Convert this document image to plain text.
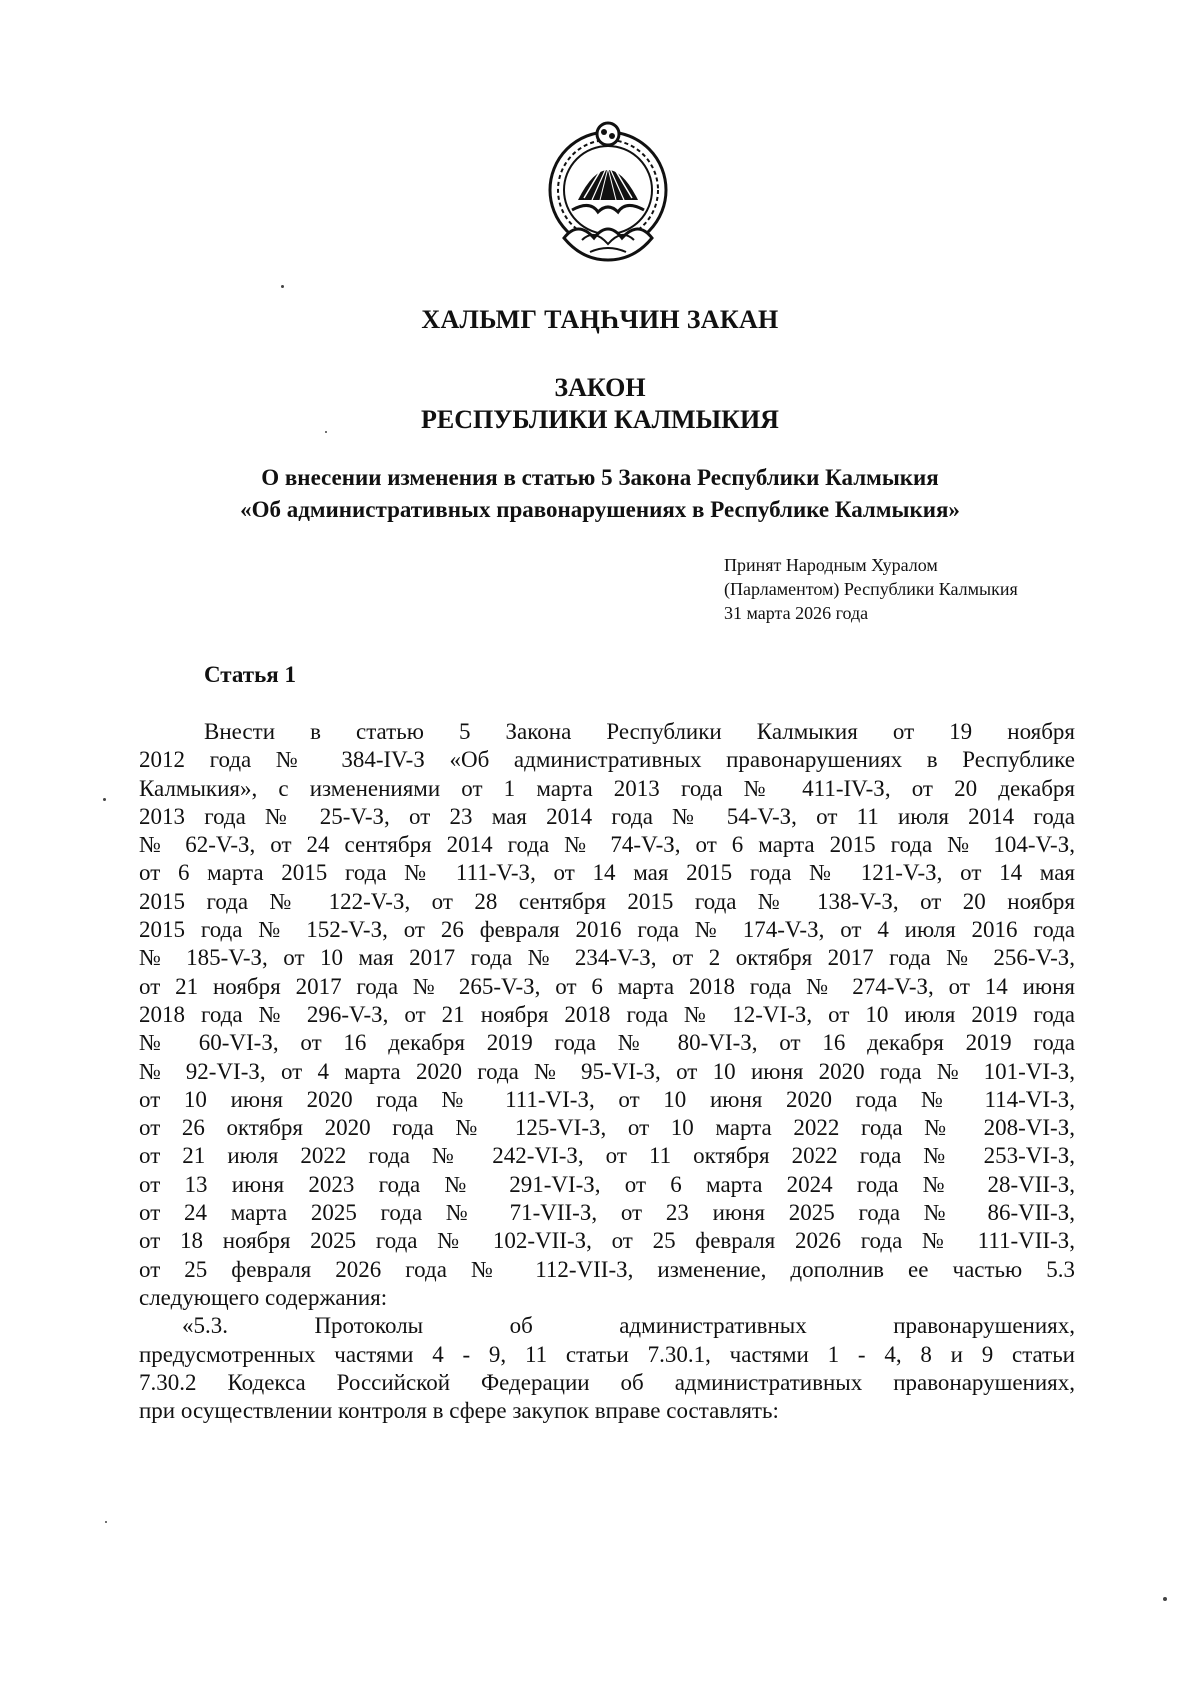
ХАЛЬМГ ТАҢҺЧИН ЗАКАН
ЗАКОН
РЕСПУБЛИКИ КАЛМЫКИЯ
О внесении изменения в статью 5 Закона Республики Калмыкия
«Об административных правонарушениях в Республике Калмыкия»
Принят Народным Хуралом
(Парламентом) Республики Калмыкия
31 марта 2026 года
Статья 1
Внести в статью 5 Закона Республики Калмыкия от 19 ноября
2012 года № 384-IV-З «Об административных правонарушениях в Республике
Калмыкия», с изменениями от 1 марта 2013 года № 411-IV-З, от 20 декабря
2013 года № 25-V-З, от 23 мая 2014 года № 54-V-З, от 11 июля 2014 года
№ 62-V-З, от 24 сентября 2014 года № 74-V-З, от 6 марта 2015 года № 104-V-З,
от 6 марта 2015 года № 111-V-З, от 14 мая 2015 года № 121-V-З, от 14 мая
2015 года № 122-V-З, от 28 сентября 2015 года № 138-V-З, от 20 ноября
2015 года № 152-V-З, от 26 февраля 2016 года № 174-V-З, от 4 июля 2016 года
№ 185-V-З, от 10 мая 2017 года № 234-V-З, от 2 октября 2017 года № 256-V-З,
от 21 ноября 2017 года № 265-V-З, от 6 марта 2018 года № 274-V-З, от 14 июня
2018 года № 296-V-З, от 21 ноября 2018 года № 12-VI-З, от 10 июля 2019 года
№ 60-VI-З, от 16 декабря 2019 года № 80-VI-З, от 16 декабря 2019 года
№ 92-VI-З, от 4 марта 2020 года № 95-VI-З, от 10 июня 2020 года № 101-VI-З,
от 10 июня 2020 года № 111-VI-З, от 10 июня 2020 года № 114-VI-З,
от 26 октября 2020 года № 125-VI-З, от 10 марта 2022 года № 208-VI-З,
от 21 июля 2022 года № 242-VI-З, от 11 октября 2022 года № 253-VI-З,
от 13 июня 2023 года № 291-VI-З, от 6 марта 2024 года № 28-VII-З,
от 24 марта 2025 года № 71-VII-З, от 23 июня 2025 года № 86-VII-З,
от 18 ноября 2025 года № 102-VII-З, от 25 февраля 2026 года № 111-VII-З,
от 25 февраля 2026 года № 112-VII-З, изменение, дополнив ее частью 5.3
следующего содержания:
«5.3. Протоколы об административных правонарушениях,
предусмотренных частями 4 - 9, 11 статьи 7.30.1, частями 1 - 4, 8 и 9 статьи
7.30.2 Кодекса Российской Федерации об административных правонарушениях,
при осуществлении контроля в сфере закупок вправе составлять:
